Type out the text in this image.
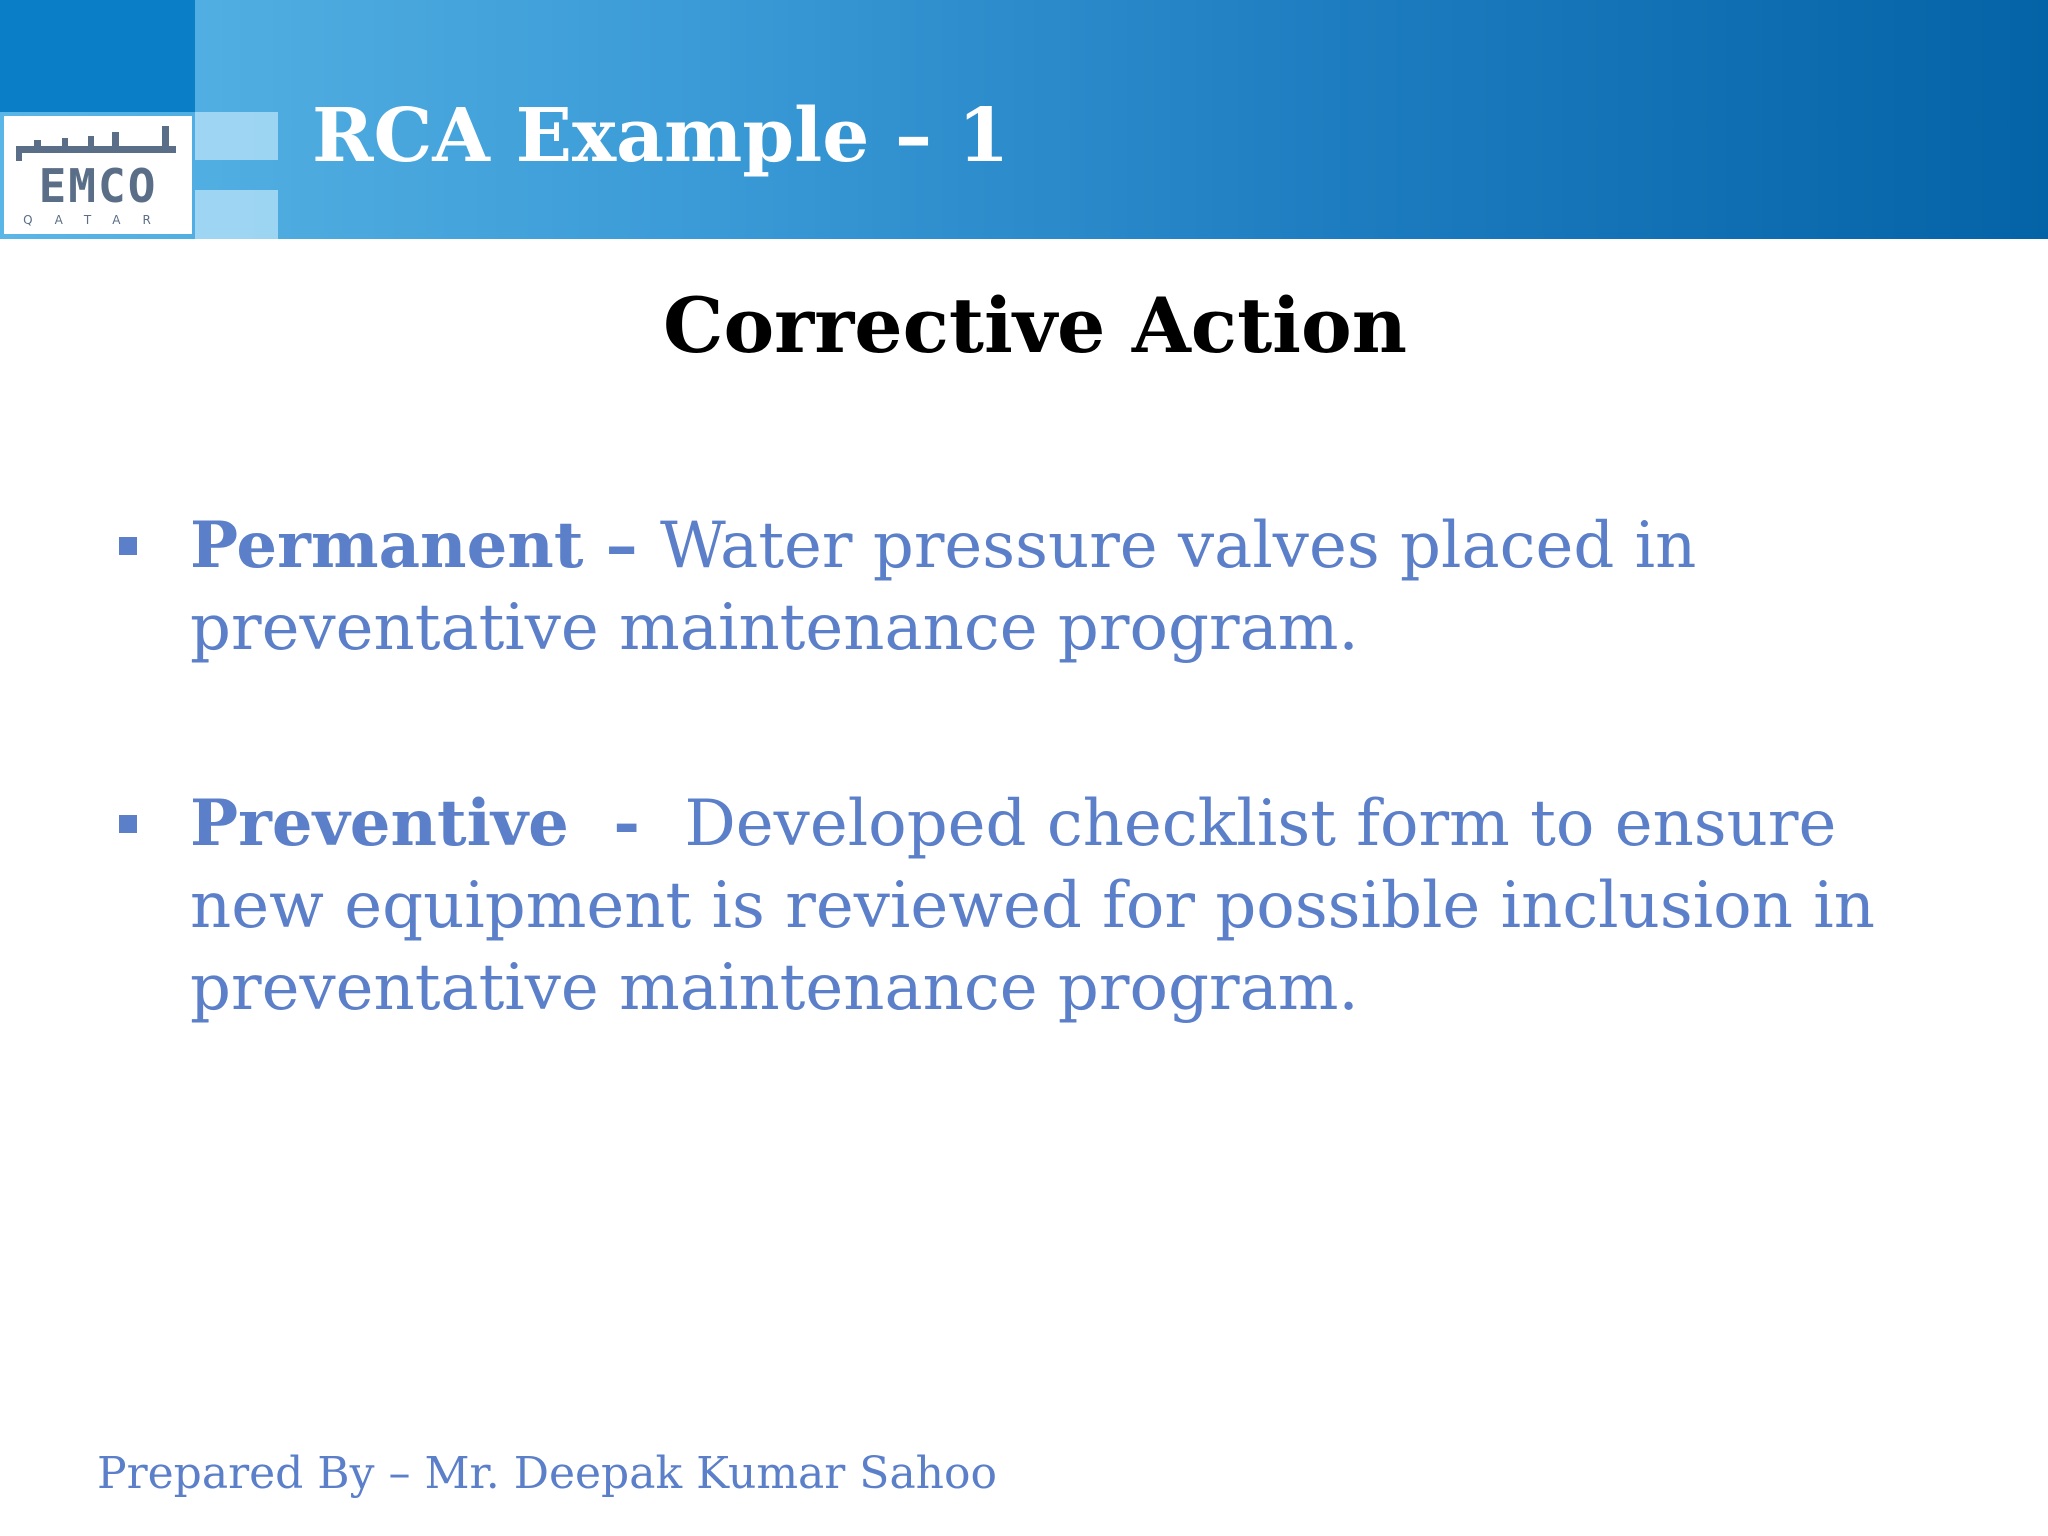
EMCO
QATAR
RCA Example – 1
Corrective Action
Permanent – Water pressure valves placed in preventative maintenance program.
Preventive  -  Developed checklist form to ensure new equipment is reviewed for possible inclusion in preventative maintenance program.

Prepared By – Mr. Deepak Kumar Sahoo
